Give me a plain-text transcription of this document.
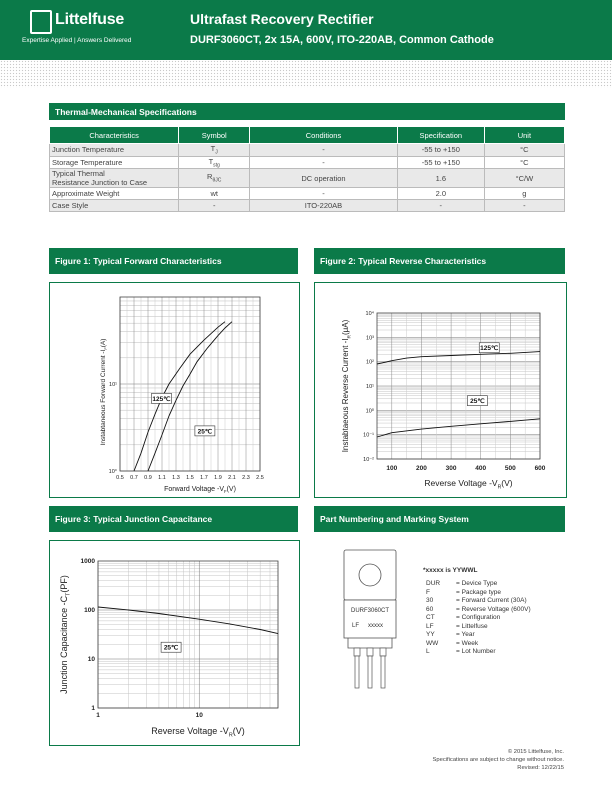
Littelfuse
Expertise Applied | Answers Delivered
Ultrafast Recovery Rectifier
DURF3060CT, 2x 15A, 600V, ITO-220AB, Common Cathode
Thermal-Mechanical Specifications
Characteristics	Symbol	Conditions	Specification	Unit
Junction Temperature	$T_J$	-	-55 to +150	°C
Storage Temperature	$T_{stg}$	-	-55 to +150	°C
Typical Thermal
Resistance Junction to Case	$R_{\theta JC}$	DC operation	1.6	°C/W
Approximate Weight	wt	-	2.0	g
Case Style	-	ITO-220AB	-	-
Figure 1: Typical Forward Characteristics	Figure 2: Typical Reverse Characteristics
Figure 3: Typical Junction Capacitance	Part Numbering and Marking System
0.5 0.7 0.9 1.1 1.3 1.5 1.7 1.9 2.1 2.3 2.5
10°
10¹
Forward Voltage $-V_F(V)$
Instabtaneous Forward Current $-I_F(A)$
125℃
25℃
100	200	300	400	500	600
10⁴
10³
10²
10¹
10⁰
10⁻¹
10⁻²
Reverse Voltage $-V_R(V)$
Instabtaeous Reverse Current $-I_R(\mu A)$
125℃
25℃
1	10
1000
100
10
1
Reverse Voltage $-V_R(V)$
Junction Capacitance $-C_T(PF)$
25℃
DURF3060CT
LF xxxxx
*xxxxx is YYWWL
DUR = Device Type
F	= Package type
30	= Forward Current (30A)
60	= Reverse Voltage (600V)
CT	= Configuration
LF	= Littelfuse
YY	= Year
WW	= Week
L	= Lot Number
© 2015 Littelfuse, Inc.
Specifications are subject to change without notice.
Revised: 12/22/15
